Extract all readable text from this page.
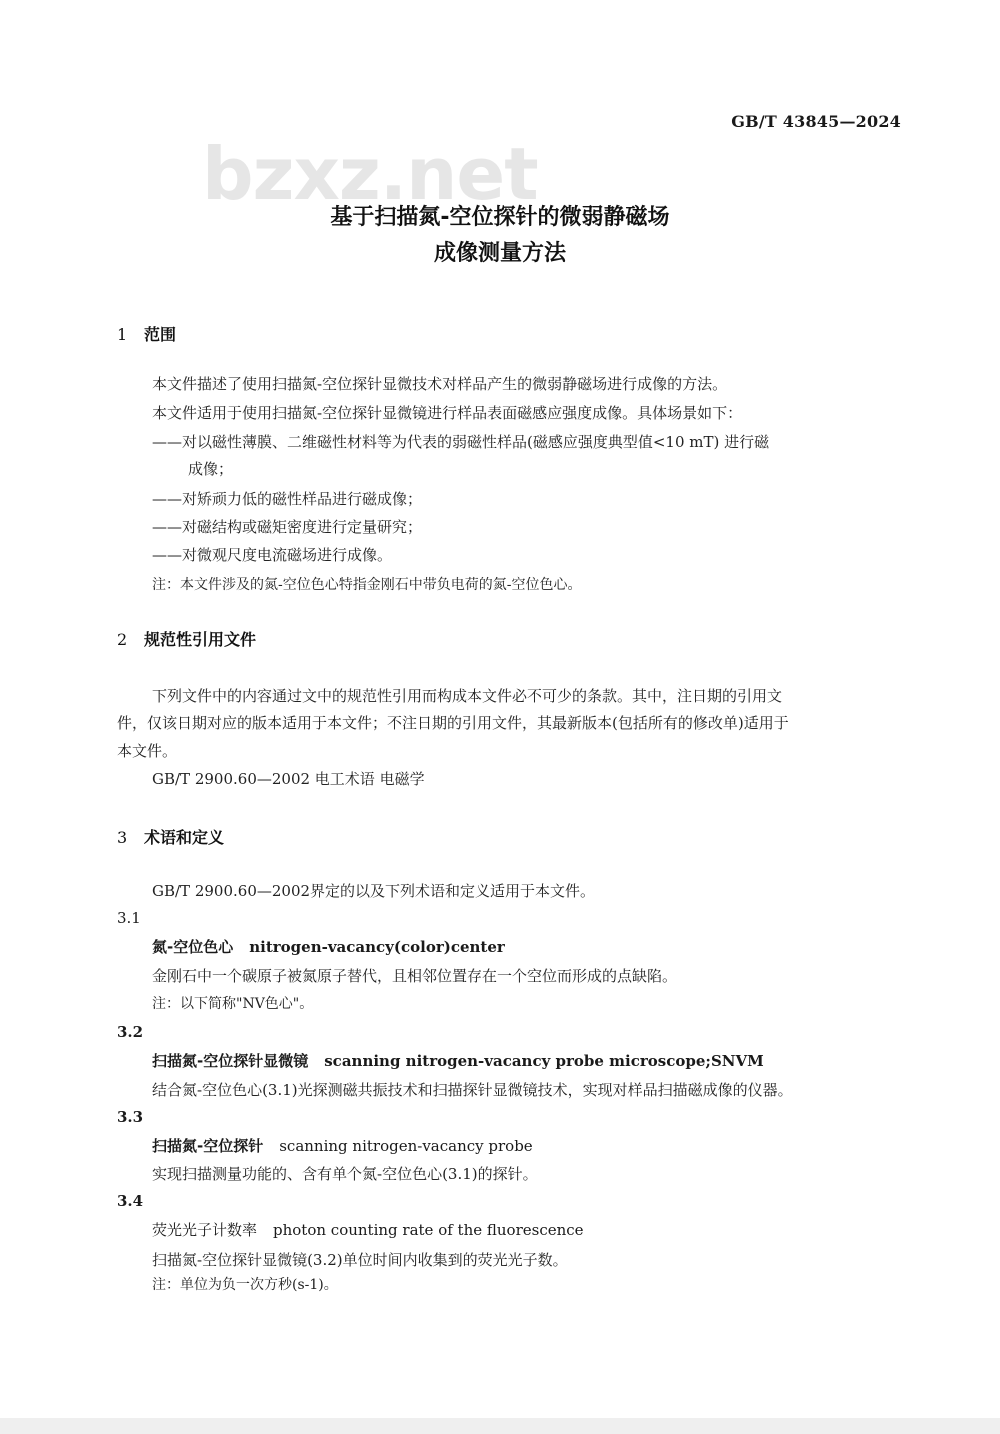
bzxz.net
GB/T 43845—2024
基于扫描氮-空位探针的微弱静磁场
成像测量方法
1 范围
本文件描述了使用扫描氮-空位探针显微技术对样品产生的微弱静磁场进行成像的方法。
本文件适用于使用扫描氮-空位探针显微镜进行样品表面磁感应强度成像。具体场景如下：
——对以磁性薄膜、二维磁性材料等为代表的弱磁性样品(磁感应强度典型值<10 mT) 进行磁
成像；
——对矫顽力低的磁性样品进行磁成像；
——对磁结构或磁矩密度进行定量研究；
——对微观尺度电流磁场进行成像。
注：本文件涉及的氮-空位色心特指金刚石中带负电荷的氮-空位色心。
2 规范性引用文件
下列文件中的内容通过文中的规范性引用而构成本文件必不可少的条款。其中，注日期的引用文
件，仅该日期对应的版本适用于本文件；不注日期的引用文件，其最新版本(包括所有的修改单)适用于
本文件。
GB/T 2900.60—2002 电工术语 电磁学
3 术语和定义
GB/T 2900.60—2002界定的以及下列术语和定义适用于本文件。
3.1
氮-空位色心 nitrogen-vacancy(color)center
金刚石中一个碳原子被氮原子替代，且相邻位置存在一个空位而形成的点缺陷。
注：以下简称"NV色心"。
3.2
扫描氮-空位探针显微镜 scanning nitrogen-vacancy probe microscope;SNVM
结合氮-空位色心(3.1)光探测磁共振技术和扫描探针显微镜技术，实现对样品扫描磁成像的仪器。
3.3
扫描氮-空位探针 scanning nitrogen-vacancy probe
实现扫描测量功能的、含有单个氮-空位色心(3.1)的探针。
3.4
荧光光子计数率 photon counting rate of the fluorescence
扫描氮-空位探针显微镜(3.2)单位时间内收集到的荧光光子数。
注：单位为负一次方秒(s-1)。
